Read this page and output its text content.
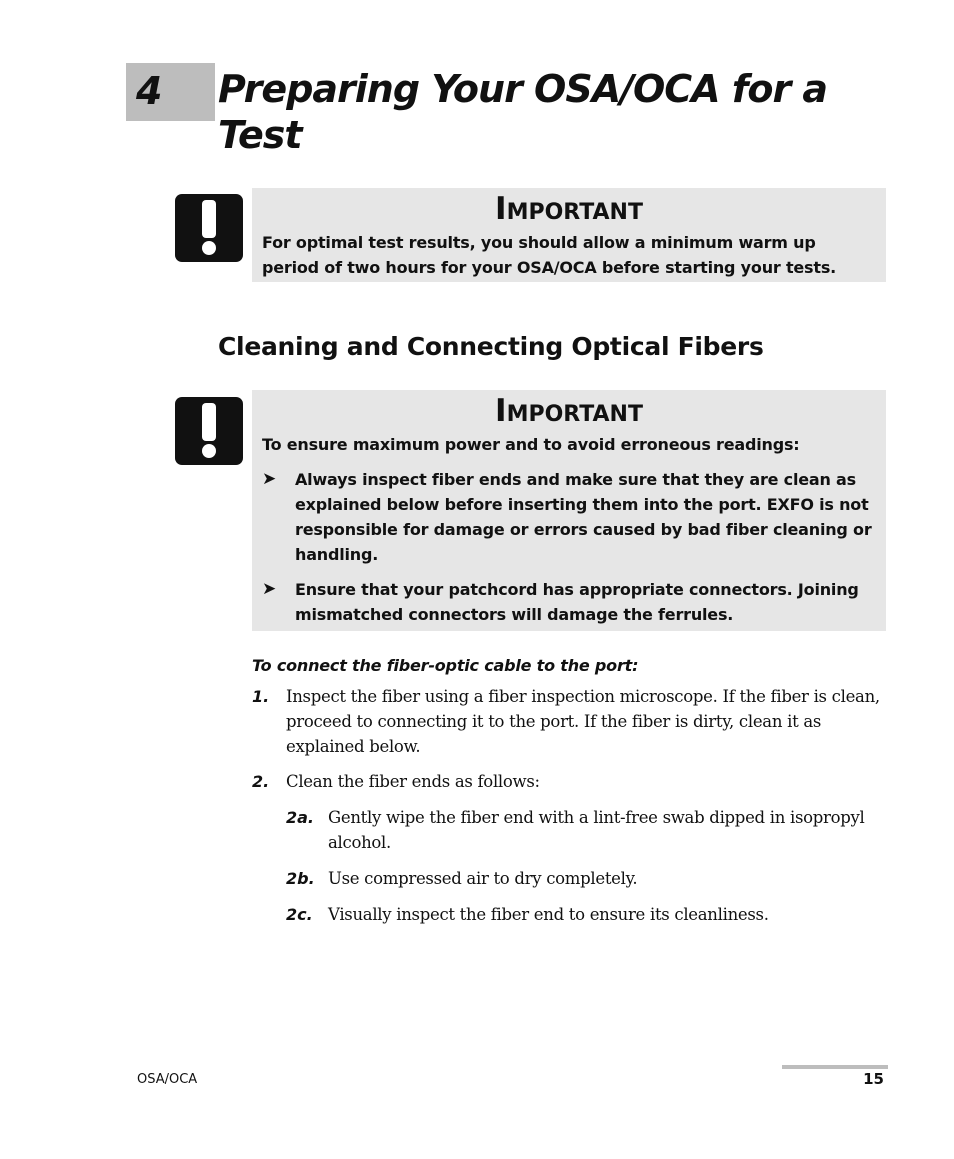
4 Preparing Your OSA/OCA for a Test

IMPORTANT

For optimal test results, you should allow a minimum warm up period of two hours for your OSA/OCA before starting your tests.

Cleaning and Connecting Optical Fibers

IMPORTANT

To ensure maximum power and to avoid erroneous readings:

➤	Always inspect fiber ends and make sure that they are clean as explained below before inserting them into the port. EXFO is not responsible for damage or errors caused by bad fiber cleaning or handling.
➤	Ensure that your patchcord has appropriate connectors. Joining mismatched connectors will damage the ferrules.

To connect the fiber-optic cable to the port:

1.	Inspect the fiber using a fiber inspection microscope. If the fiber is clean, proceed to connecting it to the port. If the fiber is dirty, clean it as explained below.
2.	Clean the fiber ends as follows:
2a. Gently wipe the fiber end with a lint-free swab dipped in isopropyl alcohol.
2b. Use compressed air to dry completely.
2c. Visually inspect the fiber end to ensure its cleanliness.
OSA/OCA	15
